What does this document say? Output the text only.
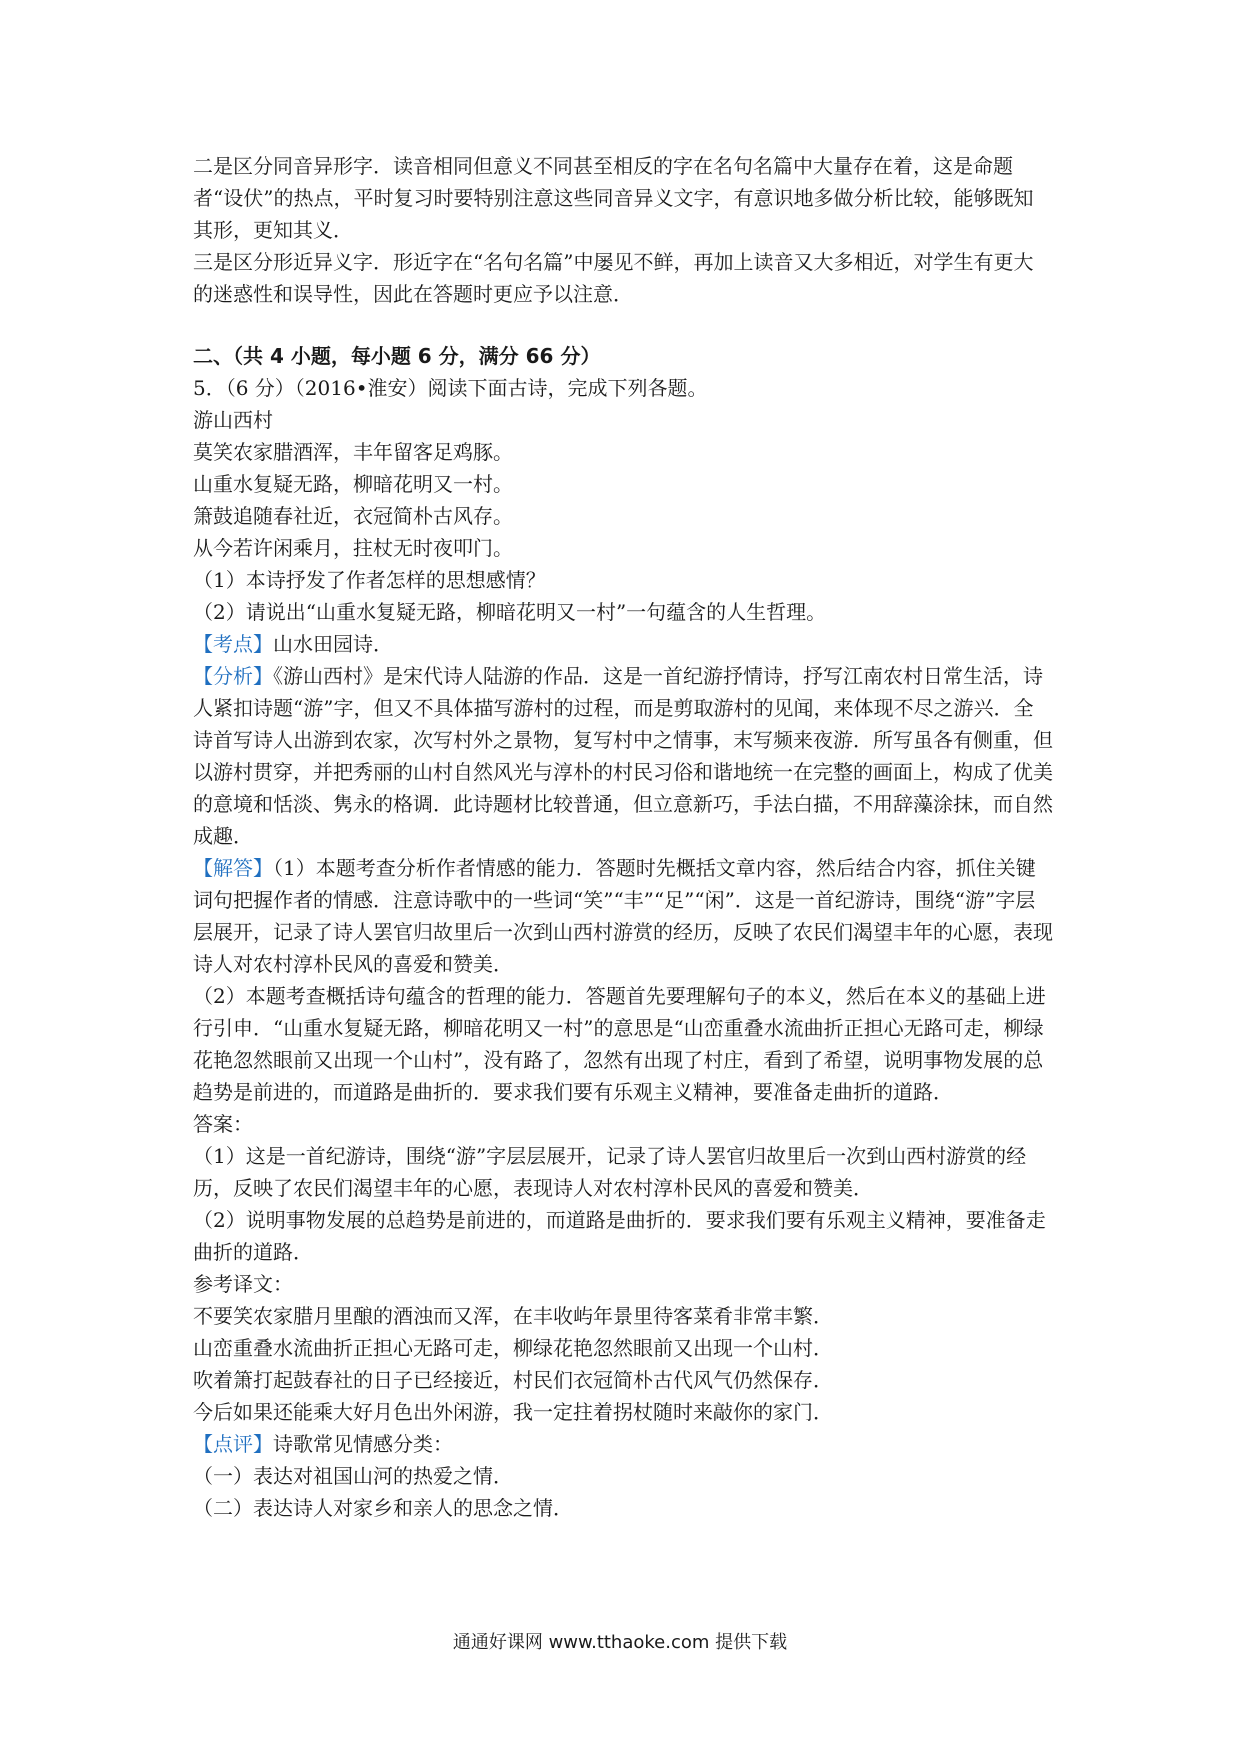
二是区分同音异形字．读音相同但意义不同甚至相反的字在名句名篇中大量存在着，这是命题者“设伏”的热点，平时复习时要特别注意这些同音异义文字，有意识地多做分析比较，能够既知其形，更知其义．

三是区分形近异义字．形近字在“名句名篇”中屡见不鲜，再加上读音又大多相近，对学生有更大的迷惑性和误导性，因此在答题时更应予以注意．

二、（共 4 小题，每小题 6 分，满分 66 分）

5．（6 分）（2016•淮安）阅读下面古诗，完成下列各题。

游山西村

莫笑农家腊酒浑，丰年留客足鸡豚。

山重水复疑无路，柳暗花明又一村。

箫鼓追随春社近，衣冠简朴古风存。

从今若许闲乘月，拄杖无时夜叩门。

（1）本诗抒发了作者怎样的思想感情？

（2）请说出“山重水复疑无路，柳暗花明又一村”一句蕴含的人生哲理。

【考点】山水田园诗．

【分析】《游山西村》是宋代诗人陆游的作品．这是一首纪游抒情诗，抒写江南农村日常生活，诗人紧扣诗题“游”字，但又不具体描写游村的过程，而是剪取游村的见闻，来体现不尽之游兴．全诗首写诗人出游到农家，次写村外之景物，复写村中之情事，末写频来夜游．所写虽各有侧重，但以游村贯穿，并把秀丽的山村自然风光与淳朴的村民习俗和谐地统一在完整的画面上，构成了优美的意境和恬淡、隽永的格调．此诗题材比较普通，但立意新巧，手法白描，不用辞藻涂抹，而自然成趣．

【解答】（1）本题考查分析作者情感的能力．答题时先概括文章内容，然后结合内容，抓住关键词句把握作者的情感．注意诗歌中的一些词“笑”“丰”“足”“闲”．这是一首纪游诗，围绕“游”字层层展开，记录了诗人罢官归故里后一次到山西村游赏的经历，反映了农民们渴望丰年的心愿，表现诗人对农村淳朴民风的喜爱和赞美．

（2）本题考查概括诗句蕴含的哲理的能力．答题首先要理解句子的本义，然后在本义的基础上进行引申．“山重水复疑无路，柳暗花明又一村”的意思是“山峦重叠水流曲折正担心无路可走，柳绿花艳忽然眼前又出现一个山村”，没有路了，忽然有出现了村庄，看到了希望，说明事物发展的总趋势是前进的，而道路是曲折的．要求我们要有乐观主义精神，要准备走曲折的道路．

答案：

（1）这是一首纪游诗，围绕“游”字层层展开，记录了诗人罢官归故里后一次到山西村游赏的经历，反映了农民们渴望丰年的心愿，表现诗人对农村淳朴民风的喜爱和赞美．

（2）说明事物发展的总趋势是前进的，而道路是曲折的．要求我们要有乐观主义精神，要准备走曲折的道路．

参考译文：

不要笑农家腊月里酿的酒浊而又浑，在丰收屿年景里待客菜肴非常丰繁．

山峦重叠水流曲折正担心无路可走，柳绿花艳忽然眼前又出现一个山村．

吹着箫打起鼓春社的日子已经接近，村民们衣冠简朴古代风气仍然保存．

今后如果还能乘大好月色出外闲游，我一定拄着拐杖随时来敲你的家门．

【点评】诗歌常见情感分类：

（一）表达对祖国山河的热爱之情．

（二）表达诗人对家乡和亲人的思念之情．

通通好课网 www.tthaoke.com 提供下载
